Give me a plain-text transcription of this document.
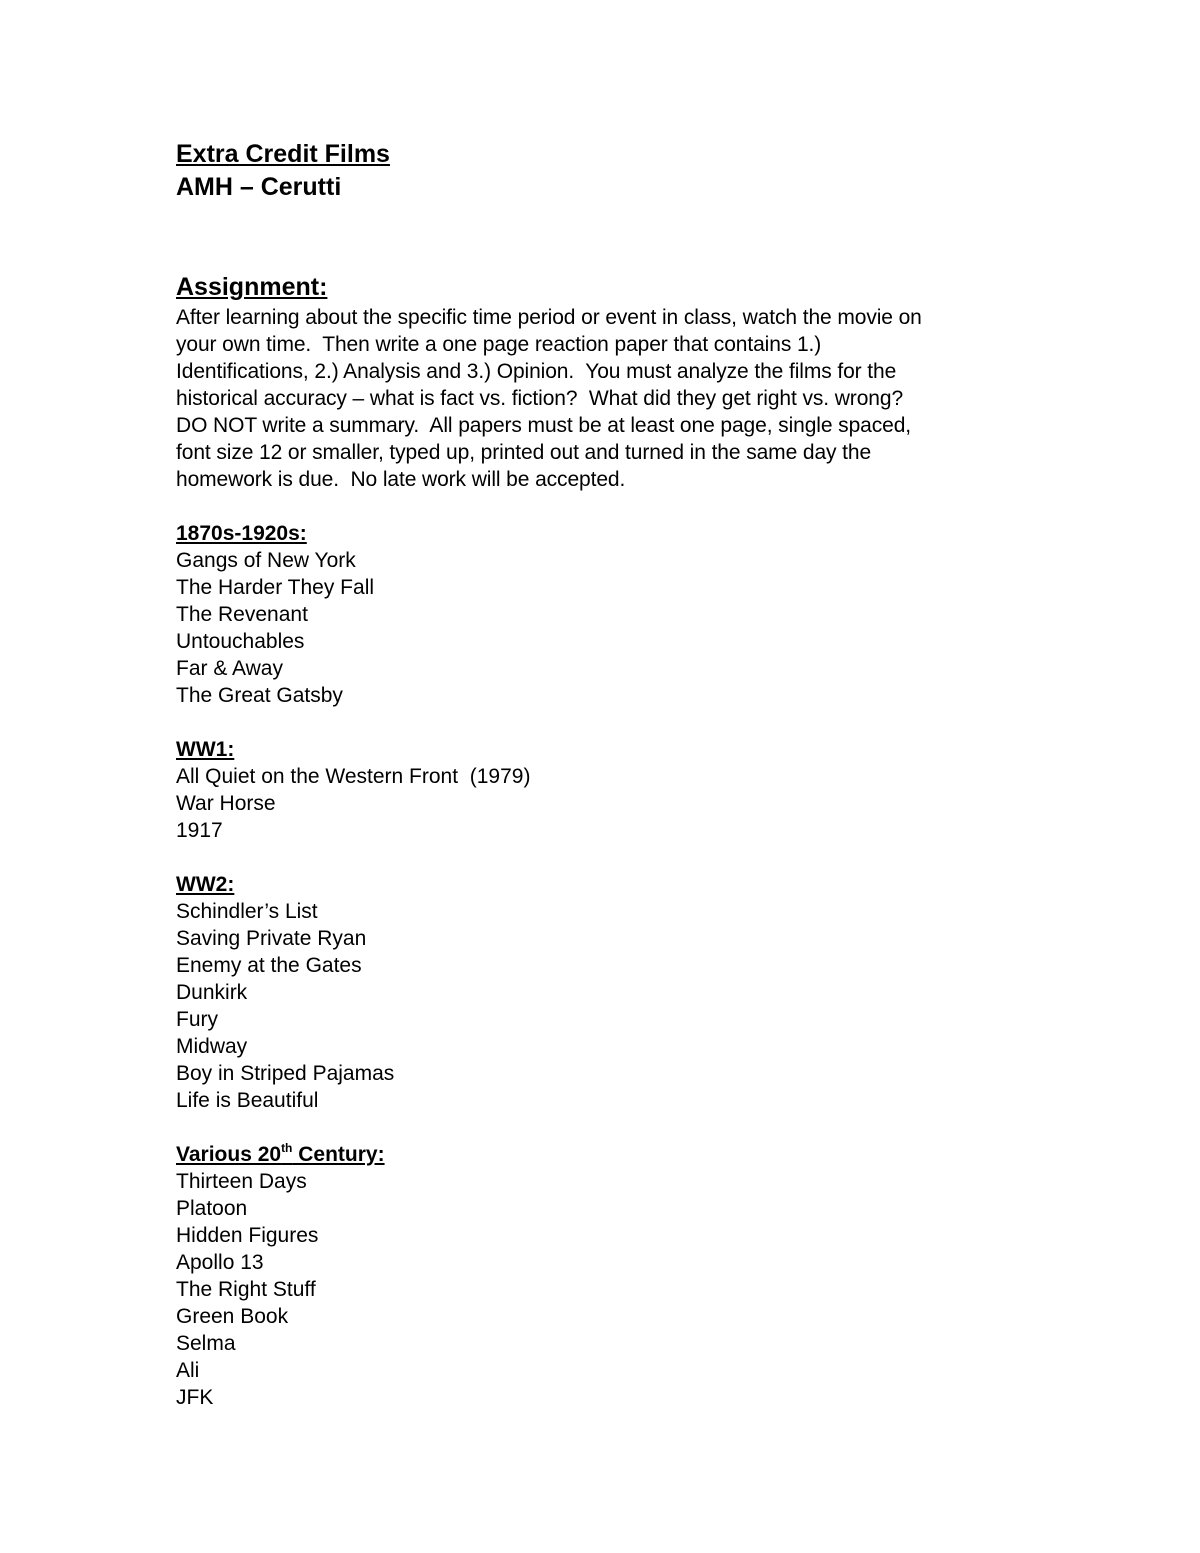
Extra Credit Films
AMH – Cerutti
Assignment:
After learning about the specific time period or event in class, watch the movie on
your own time.  Then write a one page reaction paper that contains 1.)
Identifications, 2.) Analysis and 3.) Opinion.  You must analyze the films for the
historical accuracy – what is fact vs. fiction?  What did they get right vs. wrong?
DO NOT write a summary.  All papers must be at least one page, single spaced,
font size 12 or smaller, typed up, printed out and turned in the same day the
homework is due.  No late work will be accepted.
1870s-1920s:
Gangs of New York
The Harder They Fall
The Revenant
Untouchables
Far & Away
The Great Gatsby
WW1:
All Quiet on the Western Front  (1979)
War Horse
1917
WW2:
Schindler’s List
Saving Private Ryan
Enemy at the Gates
Dunkirk
Fury
Midway
Boy in Striped Pajamas
Life is Beautiful
Various 20th Century:
Thirteen Days
Platoon
Hidden Figures
Apollo 13
The Right Stuff
Green Book
Selma
Ali
JFK
